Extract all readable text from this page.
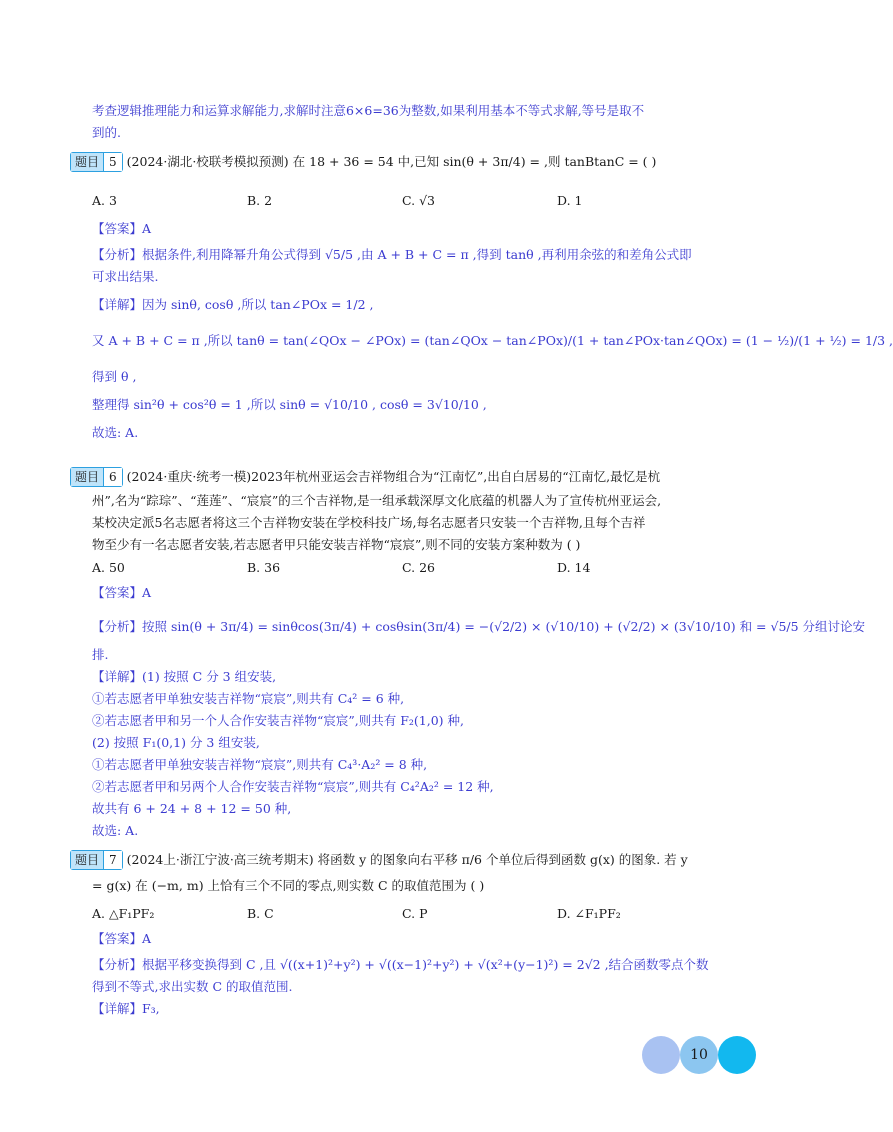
考查逻辑推理能力和运算求解能力,求解时注意6×6=36为整数,如果利用基本不等式求解,等号是取不
到的.
题目 5 (2024·湖北·校联考模拟预测) 在 18 + 36 = 54 中,已知 sin(θ + 3π/4) = ,则 tanBtanC = ( )
A. 3	B. 2	C. √3	D. 1
【答案】A
【分析】根据条件,利用降幂升角公式得到 √5/5 ,由 A + B + C = π ,得到 tanθ ,再利用余弦的和差角公式即
可求出结果.
【详解】因为 sinθ, cosθ ,所以 tan∠POx = 1/2 ,
又 A + B + C = π ,所以 tanθ = tan(∠QOx − ∠POx) = (tan∠QOx − tan∠POx)/(1 + tan∠POx·tan∠QOx) = (1 − ½)/(1 + ½) = 1/3 ,
得到 θ ,
整理得 sin²θ + cos²θ = 1 ,所以 sinθ = √10/10 , cosθ = 3√10/10 ,
故选: A.
题目 6 (2024·重庆·统考一模)2023年杭州亚运会吉祥物组合为“江南忆”,出自白居易的“江南忆,最忆是杭
州”,名为“踪琮”、“莲莲”、“宸宸”的三个吉祥物,是一组承载深厚文化底蕴的机器人为了宣传杭州亚运会,
某校决定派5名志愿者将这三个吉祥物安装在学校科技广场,每名志愿者只安装一个吉祥物,且每个吉祥
物至少有一名志愿者安装,若志愿者甲只能安装吉祥物“宸宸”,则不同的安装方案种数为 ( )
A. 50	B. 36	C. 26	D. 14
【答案】A
【分析】按照 sin(θ + 3π/4) = sinθcos(3π/4) + cosθsin(3π/4) = −(√2/2) × (√10/10) + (√2/2) × (3√10/10) 和 = √5/5 分组讨论安
排.
【详解】(1) 按照 C 分 3 组安装,
①若志愿者甲单独安装吉祥物“宸宸”,则共有 C₄² = 6 种,
②若志愿者甲和另一个人合作安装吉祥物“宸宸”,则共有 F₂(1,0) 种,
(2) 按照 F₁(0,1) 分 3 组安装,
①若志愿者甲单独安装吉祥物“宸宸”,则共有 C₄³·A₂² = 8 种,
②若志愿者甲和另两个人合作安装吉祥物“宸宸”,则共有 C₄²A₂² = 12 种,
故共有 6 + 24 + 8 + 12 = 50 种,
故选: A.
题目 7 (2024上·浙江宁波·高三统考期末) 将函数 y 的图象向右平移 π/6 个单位后得到函数 g(x) 的图象. 若 y
= g(x) 在 (−m, m) 上恰有三个不同的零点,则实数 C 的取值范围为 ( )
A. △F₁PF₂	B. C	C. P	D. ∠F₁PF₂
【答案】A
【分析】根据平移变换得到 C ,且 √((x+1)²+y²) + √((x−1)²+y²) + √(x²+(y−1)²) = 2√2 ,结合函数零点个数
得到不等式,求出实数 C 的取值范围.
【详解】F₃,
10
